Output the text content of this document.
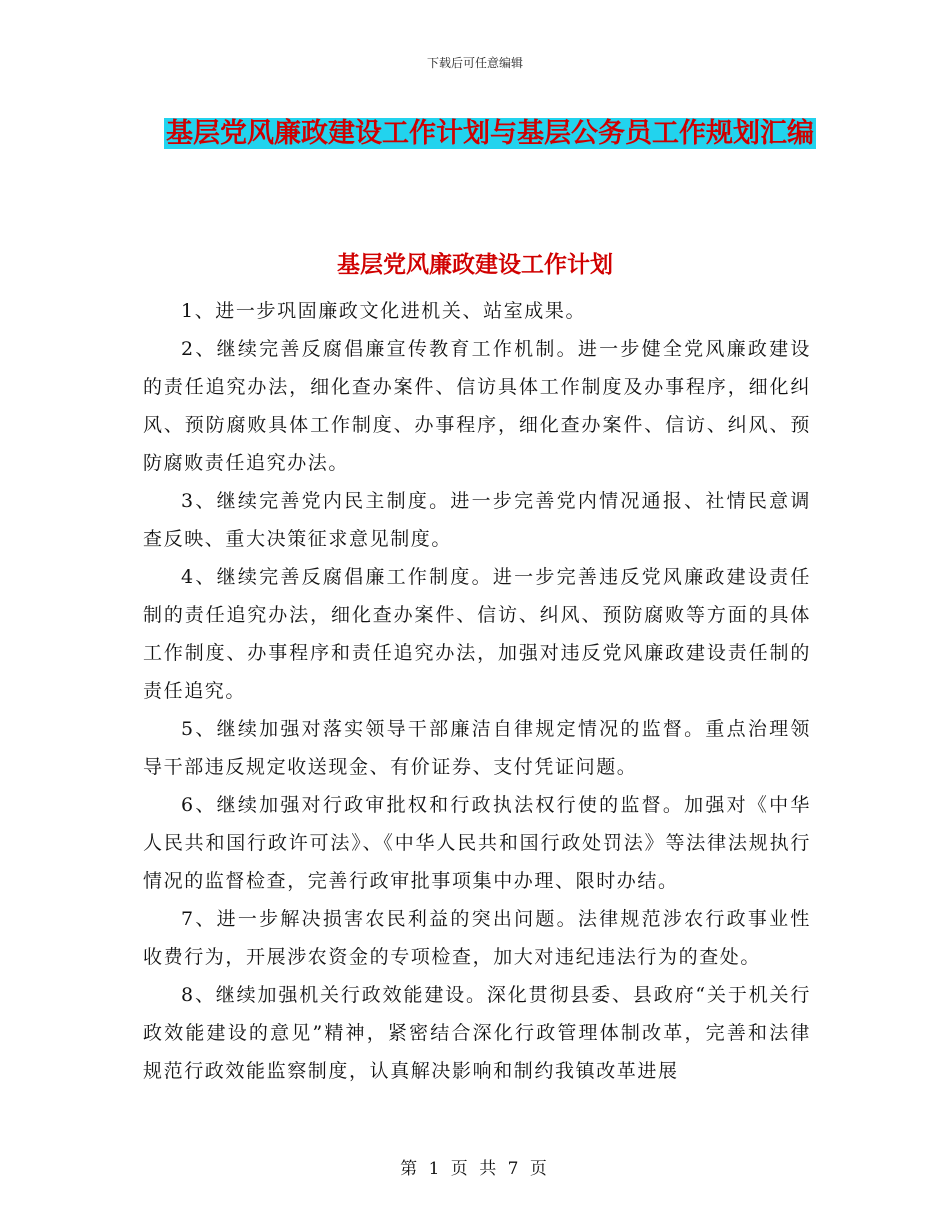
下载后可任意编辑
基层党风廉政建设工作计划与基层公务员工作规划汇编
基层党风廉政建设工作计划

1、进一步巩固廉政文化进机关、站室成果。

2、继续完善反腐倡廉宣传教育工作机制。进一步健全党风廉政建设的责任追究办法，细化查办案件、信访具体工作制度及办事程序，细化纠风、预防腐败具体工作制度、办事程序，细化查办案件、信访、纠风、预防腐败责任追究办法。

3、继续完善党内民主制度。进一步完善党内情况通报、社情民意调查反映、重大决策征求意见制度。

4、继续完善反腐倡廉工作制度。进一步完善违反党风廉政建设责任制的责任追究办法，细化查办案件、信访、纠风、预防腐败等方面的具体工作制度、办事程序和责任追究办法，加强对违反党风廉政建设责任制的责任追究。

5、继续加强对落实领导干部廉洁自律规定情况的监督。重点治理领导干部违反规定收送现金、有价证券、支付凭证问题。

6、继续加强对行政审批权和行政执法权行使的监督。加强对《中华人民共和国行政许可法》、《中华人民共和国行政处罚法》等法律法规执行情况的监督检查，完善行政审批事项集中办理、限时办结。

7、进一步解决损害农民利益的突出问题。法律规范涉农行政事业性收费行为，开展涉农资金的专项检查，加大对违纪违法行为的查处。

8、继续加强机关行政效能建设。深化贯彻县委、县政府“关于机关行政效能建设的意见”精神，紧密结合深化行政管理体制改革，完善和法律规范行政效能监察制度，认真解决影响和制约我镇改革进展

第 1 页 共 7 页
